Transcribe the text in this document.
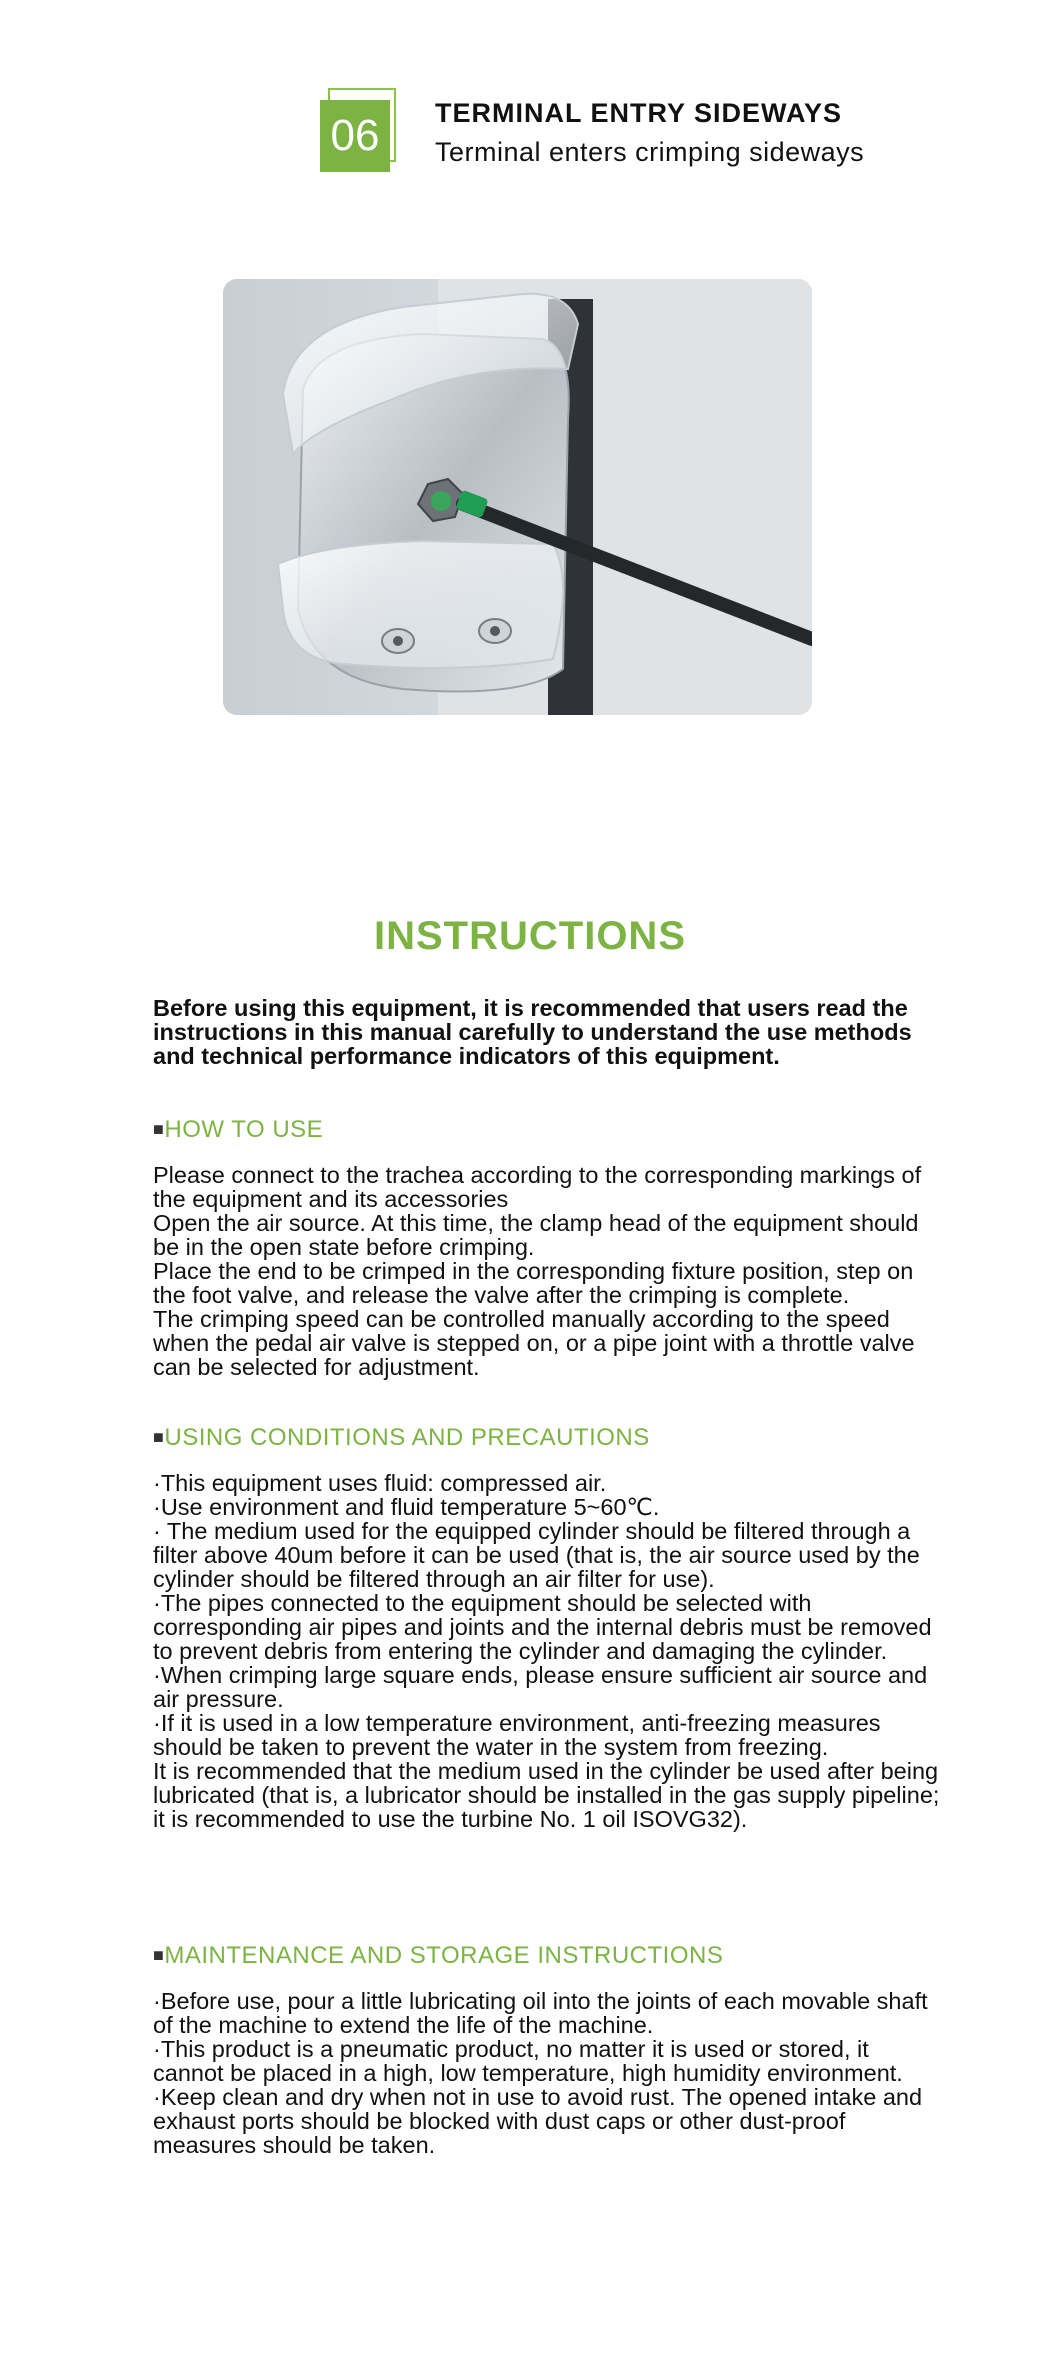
06	TERMINAL ENTRY SIDEWAYS
Terminal enters crimping sideways
INSTRUCTIONS
Before using this equipment, it is recommended that users read the instructions in this manual carefully to understand the use methods and technical performance indicators of this equipment.
■HOW TO USE
Please connect to the trachea according to the corresponding markings of the equipment and its accessories
Open the air source. At this time, the clamp head of the equipment should be in the open state before crimping.
Place the end to be crimped in the corresponding fixture position, step on the foot valve, and release the valve after the crimping is complete.
The crimping speed can be controlled manually according to the speed when the pedal air valve is stepped on, or a pipe joint with a throttle valve can be selected for adjustment.
■USING CONDITIONS AND PRECAUTIONS
·This equipment uses fluid: compressed air.
·Use environment and fluid temperature 5~60℃.
· The medium used for the equipped cylinder should be filtered through a filter above 40um before it can be used (that is, the air source used by the cylinder should be filtered through an air filter for use).
·The pipes connected to the equipment should be selected with corresponding air pipes and joints and the internal debris must be removed to prevent debris from entering the cylinder and damaging the cylinder.
·When crimping large square ends, please ensure sufficient air source and air pressure.
·If it is used in a low temperature environment, anti-freezing measures should be taken to prevent the water in the system from freezing.
It is recommended that the medium used in the cylinder be used after being lubricated (that is, a lubricator should be installed in the gas supply pipeline; it is recommended to use the turbine No. 1 oil ISOVG32).
■MAINTENANCE AND STORAGE INSTRUCTIONS
·Before use, pour a little lubricating oil into the joints of each movable shaft of the machine to extend the life of the machine.
·This product is a pneumatic product, no matter it is used or stored, it cannot be placed in a high, low temperature, high humidity environment.
·Keep clean and dry when not in use to avoid rust. The opened intake and exhaust ports should be blocked with dust caps or other dust-proof measures should be taken.
